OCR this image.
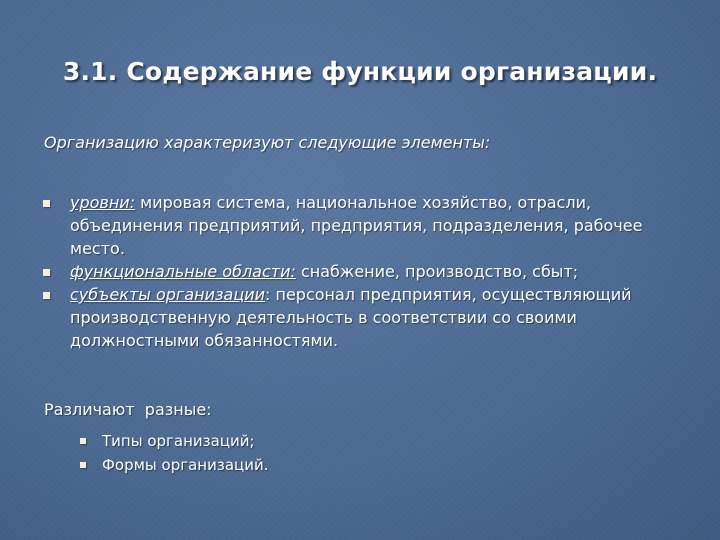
3.1. Содержание функции организации.
Организацию характеризуют следующие элементы:
уровни: мировая система, национальное хозяйство, отрасли, объединения предприятий, предприятия, подразделения, рабочее место.
функциональные области: снабжение, производство, сбыт;
субъекты организации: персонал предприятия, осуществляющий производственную деятельность в соответствии со своими должностными обязанностями.
Различают  разные:
Типы организаций;
Формы организаций.
